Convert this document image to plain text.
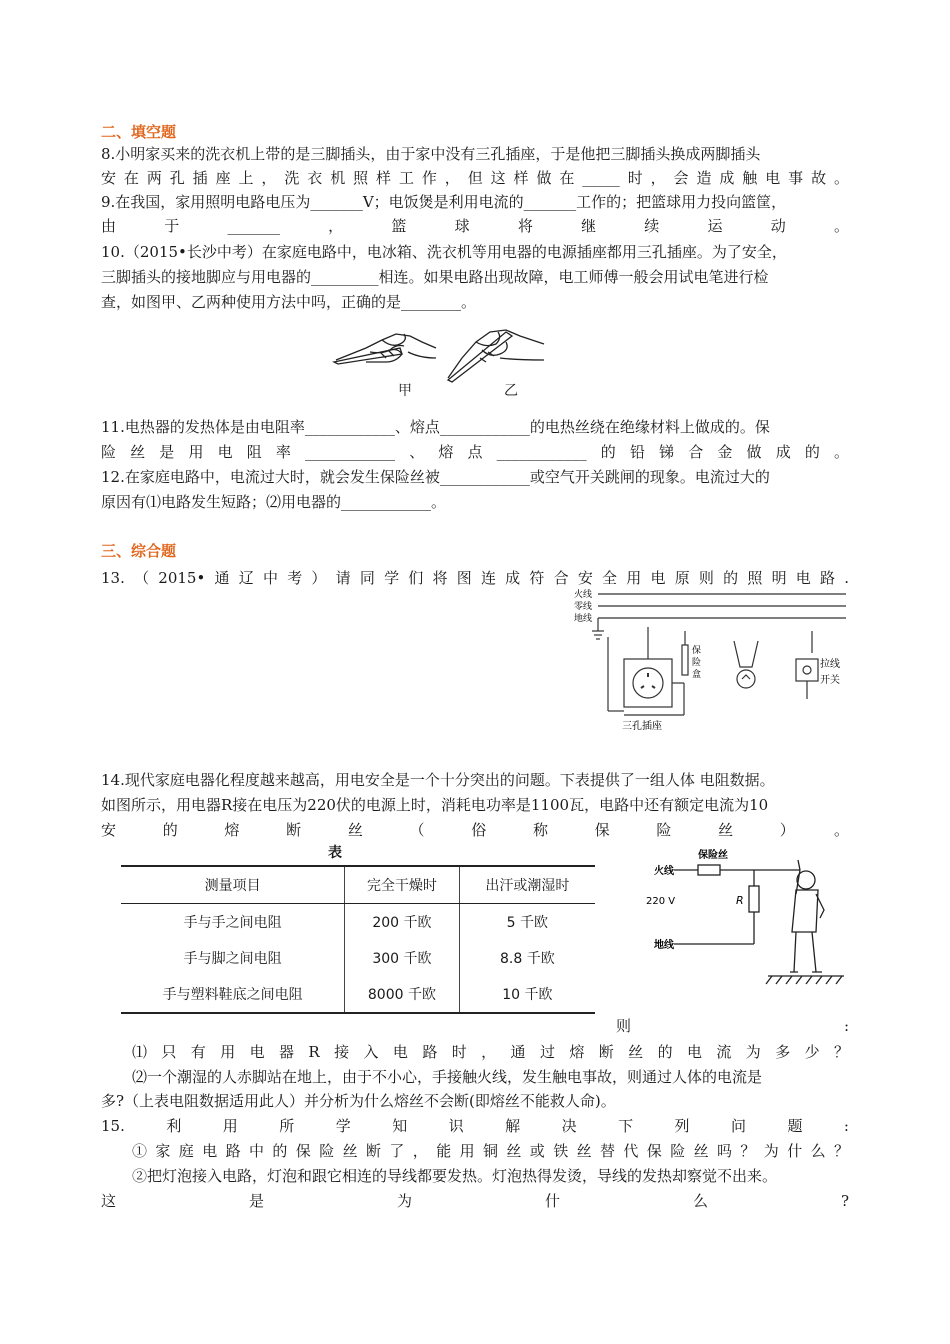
二、填空题
8.小明家买来的洗衣机上带的是三脚插头，由于家中没有三孔插座，于是他把三脚插头换成两脚插头
安在两孔插座上，洗衣机照样工作，但这样做在_____时，会造成触电事故。
9.在我国，家用照明电路电压为_______V；电饭煲是利用电流的_______工作的；把篮球用力投向篮筐，
由于_______，篮球将继续运动。
10.（2015•长沙中考）在家庭电路中，电冰箱、洗衣机等用电器的电源插座都用三孔插座。为了安全，
三脚插头的接地脚应与用电器的_________相连。如果电路出现故障，电工师傅一般会用试电笔进行检
查，如图甲、乙两种使用方法中吗，正确的是________。
甲	乙
11.电热器的发热体是由电阻率____________、熔点____________的电热丝绕在绝缘材料上做成的。保
险丝是用电阻率____________、熔点____________的铅锑合金做成的。
12.在家庭电路中，电流过大时，就会发生保险丝被____________或空气开关跳闸的现象。电流过大的
原因有⑴电路发生短路；⑵用电器的____________。
三、综合题
13.（2015•通辽中考）请同学们将图连成符合安全用电原则的照明电路.
火线
零线
地线
保
险
盒
拉线
开关
三孔插座
14.现代家庭电器化程度越来越高，用电安全是一个十分突出的问题。下表提供了一组人体 电阻数据。
如图所示，用电器R接在电压为220伏的电源上时，消耗电功率是1100瓦，电路中还有额定电流为10
安的熔断丝（俗称保险丝）。
表
测量项目	完全干燥时	出汗或潮湿时
手与手之间电阻	200 千欧	5 千欧
手与脚之间电阻	300 千欧	8.8 千欧
手与塑料鞋底之间电阻	8000 千欧	10 千欧
火线
保险丝
220 V	R
地线
则:
⑴只有用电器R接入电路时，通过熔断丝的电流为多少？
⑵一个潮湿的人赤脚站在地上，由于不小心，手接触火线，发生触电事故，则通过人体的电流是
多?（上表电阻数据适用此人）并分析为什么熔丝不会断(即熔丝不能救人命)。
15.利用所学知识解决下列问题:
①家庭电路中的保险丝断了，能用铜丝或铁丝替代保险丝吗？为什么？
②把灯泡接入电路，灯泡和跟它相连的导线都要发热。灯泡热得发烫，导线的发热却察觉不出来。
这是为什么?
